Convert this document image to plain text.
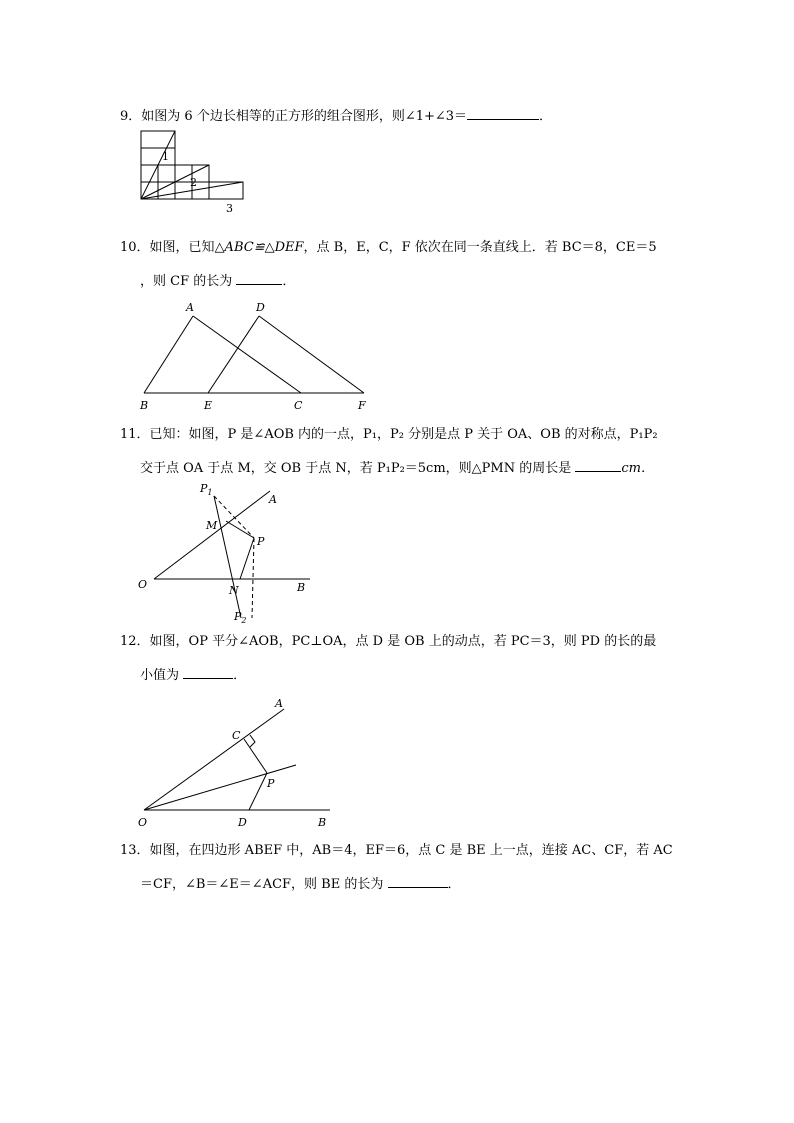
9．如图为 6 个边长相等的正方形的组合图形，则∠1+∠3＝	．
1
2
3
10．如图，已知△ABC≌△DEF，点 B，E，C，F 依次在同一条直线上．若 BC＝8，CE＝5
，则 CF 的长为	．
A	D
B	E	C	F
11．已知：如图，P 是∠AOB 内的一点，P₁，P₂ 分别是点 P 关于 OA、OB 的对称点，P₁P₂
交于点 OA 于点 M，交 OB 于点 N，若 P₁P₂＝5cm，则△PMN 的周长是	cm．
$P_1$
A
M
P
O	N	B
$P_2$
12．如图，OP 平分∠AOB，PC⊥OA，点 D 是 OB 上的动点，若 PC＝3，则 PD 的长的最
小值为	．
A
C
P
O	D	B
13．如图，在四边形 ABEF 中，AB＝4，EF＝6，点 C 是 BE 上一点，连接 AC、CF，若 AC
＝CF，∠B＝∠E＝∠ACF，则 BE 的长为	．
